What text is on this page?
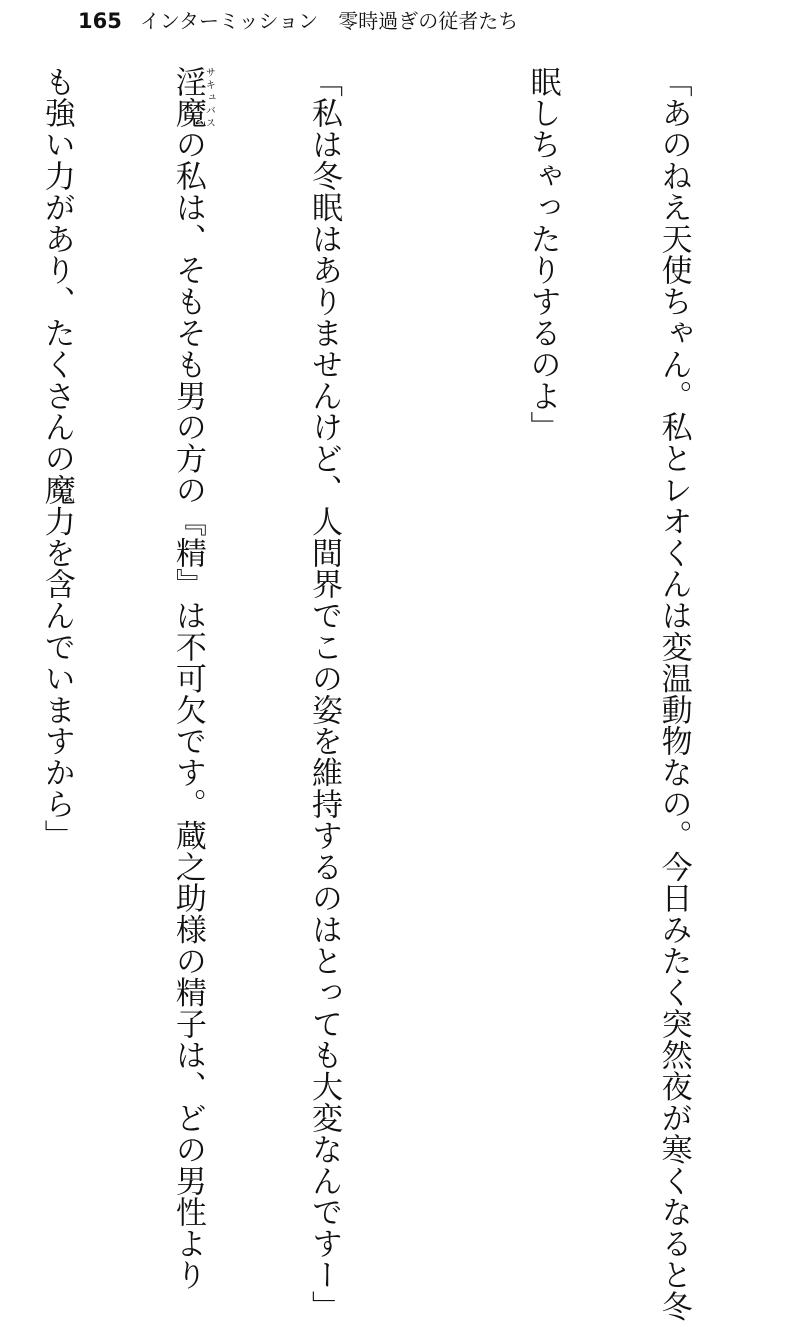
165 インターミッション 零時過ぎの従者たち

「あのねえ天使ちゃん。私とレオくんは変温動物なの。今日みたく突然夜が寒くなると冬

眠しちゃったりするのよ」

「私は冬眠はありませんけど、人間界でこの姿を維持するのはとっても大変なんですー」

淫魔サキュバスの私は、そもそも男の方の『精』は不可欠です。蔵之助様の精子は、どの男性より

も強い力があり、たくさんの魔力を含んでいますから」
